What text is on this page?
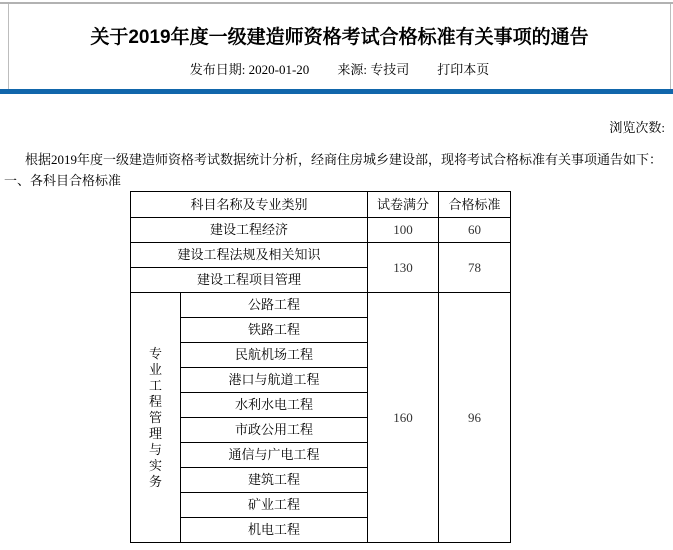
关于2019年度一级建造师资格考试合格标准有关事项的通告
发布日期: 2020-01-20 来源: 专技司 打印本页
浏览次数:

根据2019年度一级建造师资格考试数据统计分析，经商住房城乡建设部，现将考试合格标准有关事项通告如下：

一、各科目合格标准
科目名称及专业类别		试卷满分	合格标准
建设工程经济		100	60
建设工程法规及相关知识		130	78
建设工程项目管理			
专业工程管理与实务	公路工程	160	96
	铁路工程		
	民航机场工程		
	港口与航道工程		
	水利水电工程		
	市政公用工程		
	通信与广电工程		
	建筑工程		
	矿业工程		
	机电工程		
